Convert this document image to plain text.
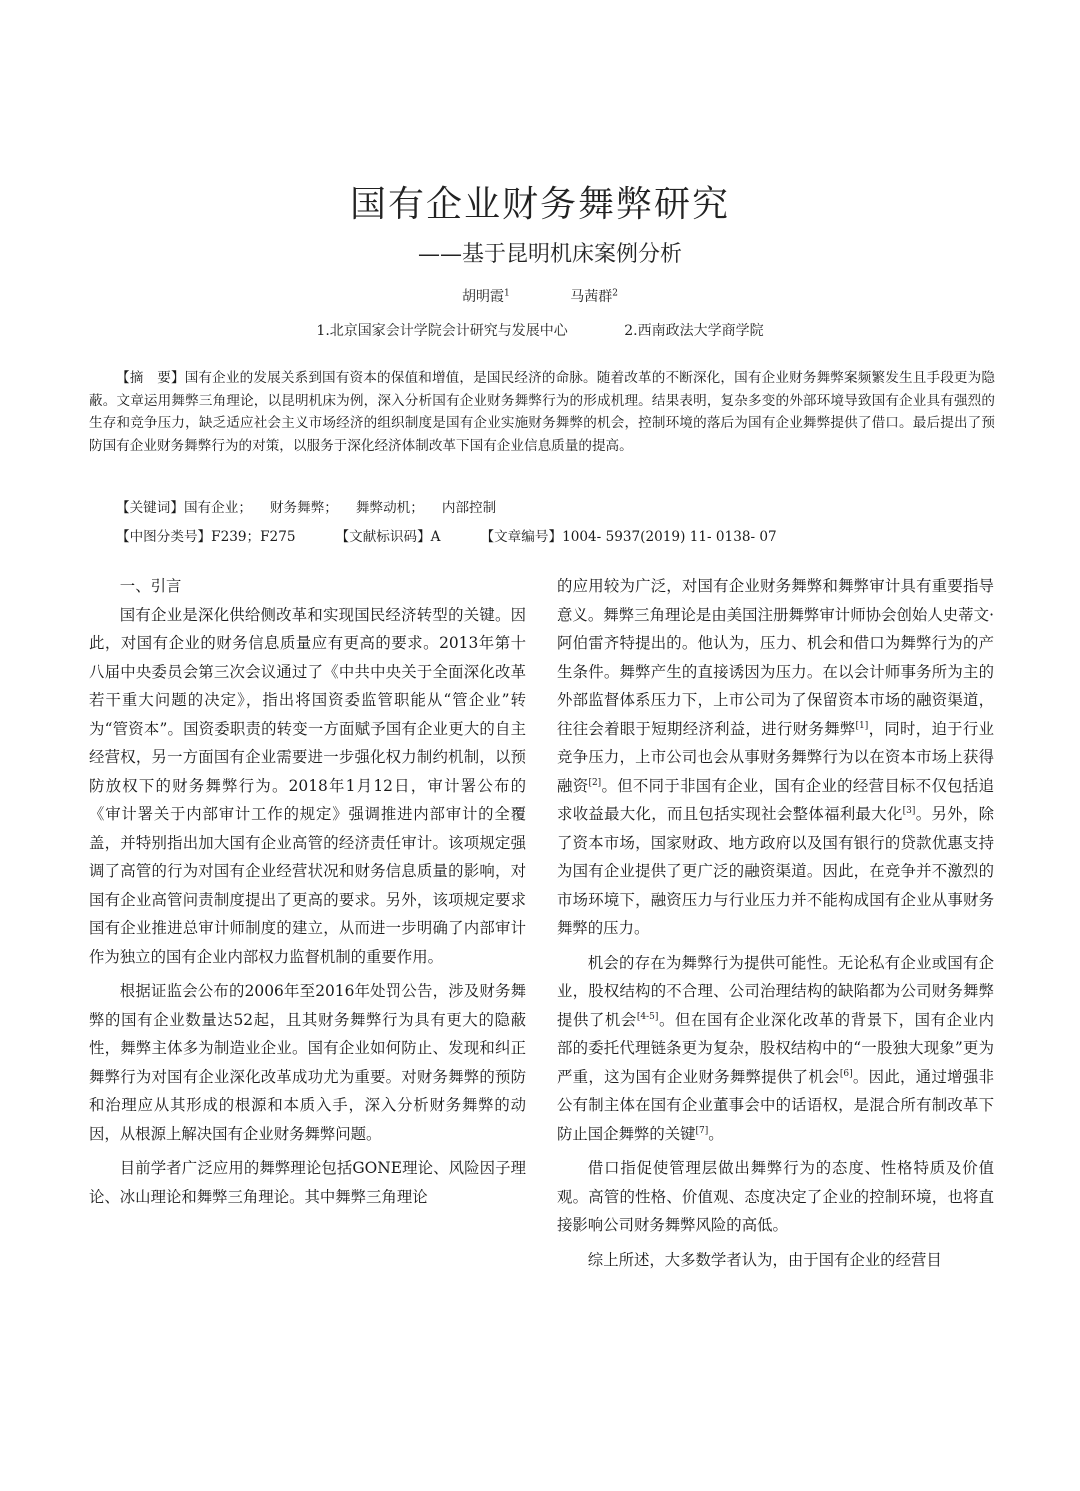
国有企业财务舞弊研究
——基于昆明机床案例分析
胡明霞$^1$	马茜群$^2$
1.北京国家会计学院会计研究与发展中心	2.西南政法大学商学院

【摘　要】国有企业的发展关系到国有资本的保值和增值，是国民经济的命脉。随着改革的不断深化，国有企业财务舞弊案频繁发生且手段更为隐蔽。文章运用舞弊三角理论，以昆明机床为例，深入分析国有企业财务舞弊行为的形成机理。结果表明，复杂多变的外部环境导致国有企业具有强烈的生存和竞争压力，缺乏适应社会主义市场经济的组织制度是国有企业实施财务舞弊的机会，控制环境的落后为国有企业舞弊提供了借口。最后提出了预防国有企业财务舞弊行为的对策，以服务于深化经济体制改革下国有企业信息质量的提高。

【关键词】国有企业； 财务舞弊； 舞弊动机； 内部控制
【中图分类号】F239；F275	【文献标识码】A	【文章编号】1004- 5937(2019) 11- 0138- 07
一、引言

国有企业是深化供给侧改革和实现国民经济转型的关键。因此，对国有企业的财务信息质量应有更高的要求。2013年第十八届中央委员会第三次会议通过了《中共中央关于全面深化改革若干重大问题的决定》，指出将国资委监管职能从“管企业”转为“管资本”。国资委职责的转变一方面赋予国有企业更大的自主经营权，另一方面国有企业需要进一步强化权力制约机制，以预防放权下的财务舞弊行为。2018年1月12日，审计署公布的《审计署关于内部审计工作的规定》强调推进内部审计的全覆盖，并特别指出加大国有企业高管的经济责任审计。该项规定强调了高管的行为对国有企业经营状况和财务信息质量的影响，对国有企业高管问责制度提出了更高的要求。另外，该项规定要求国有企业推进总审计师制度的建立，从而进一步明确了内部审计作为独立的国有企业内部权力监督机制的重要作用。

根据证监会公布的2006年至2016年处罚公告，涉及财务舞弊的国有企业数量达52起，且其财务舞弊行为具有更大的隐蔽性，舞弊主体多为制造业企业。国有企业如何防止、发现和纠正舞弊行为对国有企业深化改革成功尤为重要。对财务舞弊的预防和治理应从其形成的根源和本质入手，深入分析财务舞弊的动因，从根源上解决国有企业财务舞弊问题。

目前学者广泛应用的舞弊理论包括GONE理论、风险因子理论、冰山理论和舞弊三角理论。其中舞弊三角理论

的应用较为广泛，对国有企业财务舞弊和舞弊审计具有重要指导意义。舞弊三角理论是由美国注册舞弊审计师协会创始人史蒂文·阿伯雷齐特提出的。他认为，压力、机会和借口为舞弊行为的产生条件。舞弊产生的直接诱因为压力。在以会计师事务所为主的外部监督体系压力下，上市公司为了保留资本市场的融资渠道，往往会着眼于短期经济利益，进行财务舞弊[1]，同时，迫于行业竞争压力，上市公司也会从事财务舞弊行为以在资本市场上获得融资[2]。但不同于非国有企业，国有企业的经营目标不仅包括追求收益最大化，而且包括实现社会整体福利最大化[3]。另外，除了资本市场，国家财政、地方政府以及国有银行的贷款优惠支持为国有企业提供了更广泛的融资渠道。因此，在竞争并不激烈的市场环境下，融资压力与行业压力并不能构成国有企业从事财务舞弊的压力。

机会的存在为舞弊行为提供可能性。无论私有企业或国有企业，股权结构的不合理、公司治理结构的缺陷都为公司财务舞弊提供了机会[4-5]。但在国有企业深化改革的背景下，国有企业内部的委托代理链条更为复杂，股权结构中的“一股独大现象”更为严重，这为国有企业财务舞弊提供了机会[6]。因此，通过增强非公有制主体在国有企业董事会中的话语权，是混合所有制改革下防止国企舞弊的关键[7]。

借口指促使管理层做出舞弊行为的态度、性格特质及价值观。高管的性格、价值观、态度决定了企业的控制环境，也将直接影响公司财务舞弊风险的高低。

综上所述，大多数学者认为，由于国有企业的经营目
